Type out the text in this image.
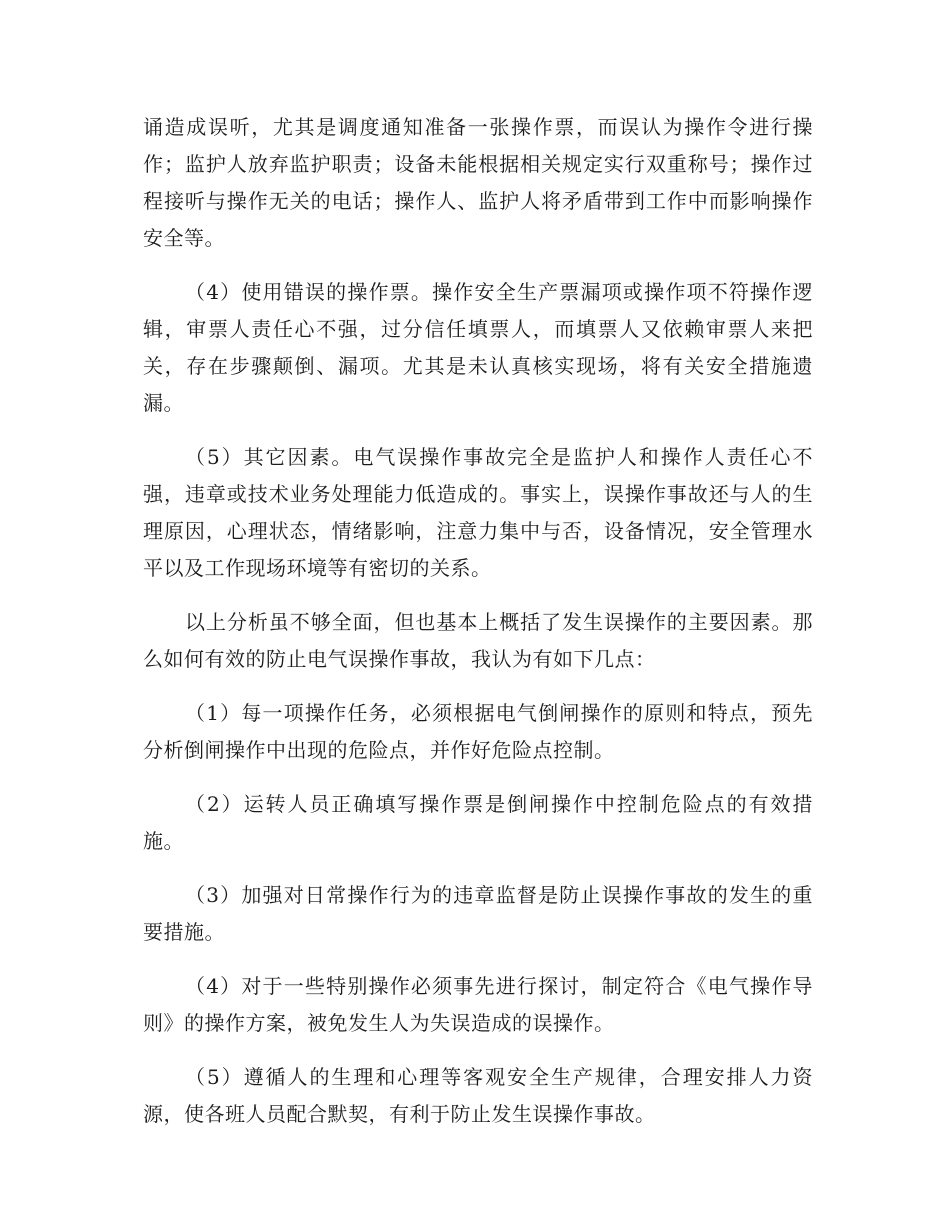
诵造成误听，尤其是调度通知准备一张操作票，而误认为操作令进行操作；监护人放弃监护职责；设备未能根据相关规定实行双重称号；操作过程接听与操作无关的电话；操作人、监护人将矛盾带到工作中而影响操作安全等。

（4）使用错误的操作票。操作安全生产票漏项或操作项不符操作逻辑，审票人责任心不强，过分信任填票人，而填票人又依赖审票人来把关，存在步骤颠倒、漏项。尤其是未认真核实现场，将有关安全措施遗漏。

（5）其它因素。电气误操作事故完全是监护人和操作人责任心不强，违章或技术业务处理能力低造成的。事实上，误操作事故还与人的生理原因，心理状态，情绪影响，注意力集中与否，设备情况，安全管理水平以及工作现场环境等有密切的关系。

以上分析虽不够全面，但也基本上概括了发生误操作的主要因素。那么如何有效的防止电气误操作事故，我认为有如下几点：

（1）每一项操作任务，必须根据电气倒闸操作的原则和特点，预先分析倒闸操作中出现的危险点，并作好危险点控制。

（2）运转人员正确填写操作票是倒闸操作中控制危险点的有效措施。

（3）加强对日常操作行为的违章监督是防止误操作事故的发生的重要措施。

（4）对于一些特别操作必须事先进行探讨，制定符合《电气操作导则》的操作方案，被免发生人为失误造成的误操作。

（5）遵循人的生理和心理等客观安全生产规律，合理安排人力资源，使各班人员配合默契，有利于防止发生误操作事故。
